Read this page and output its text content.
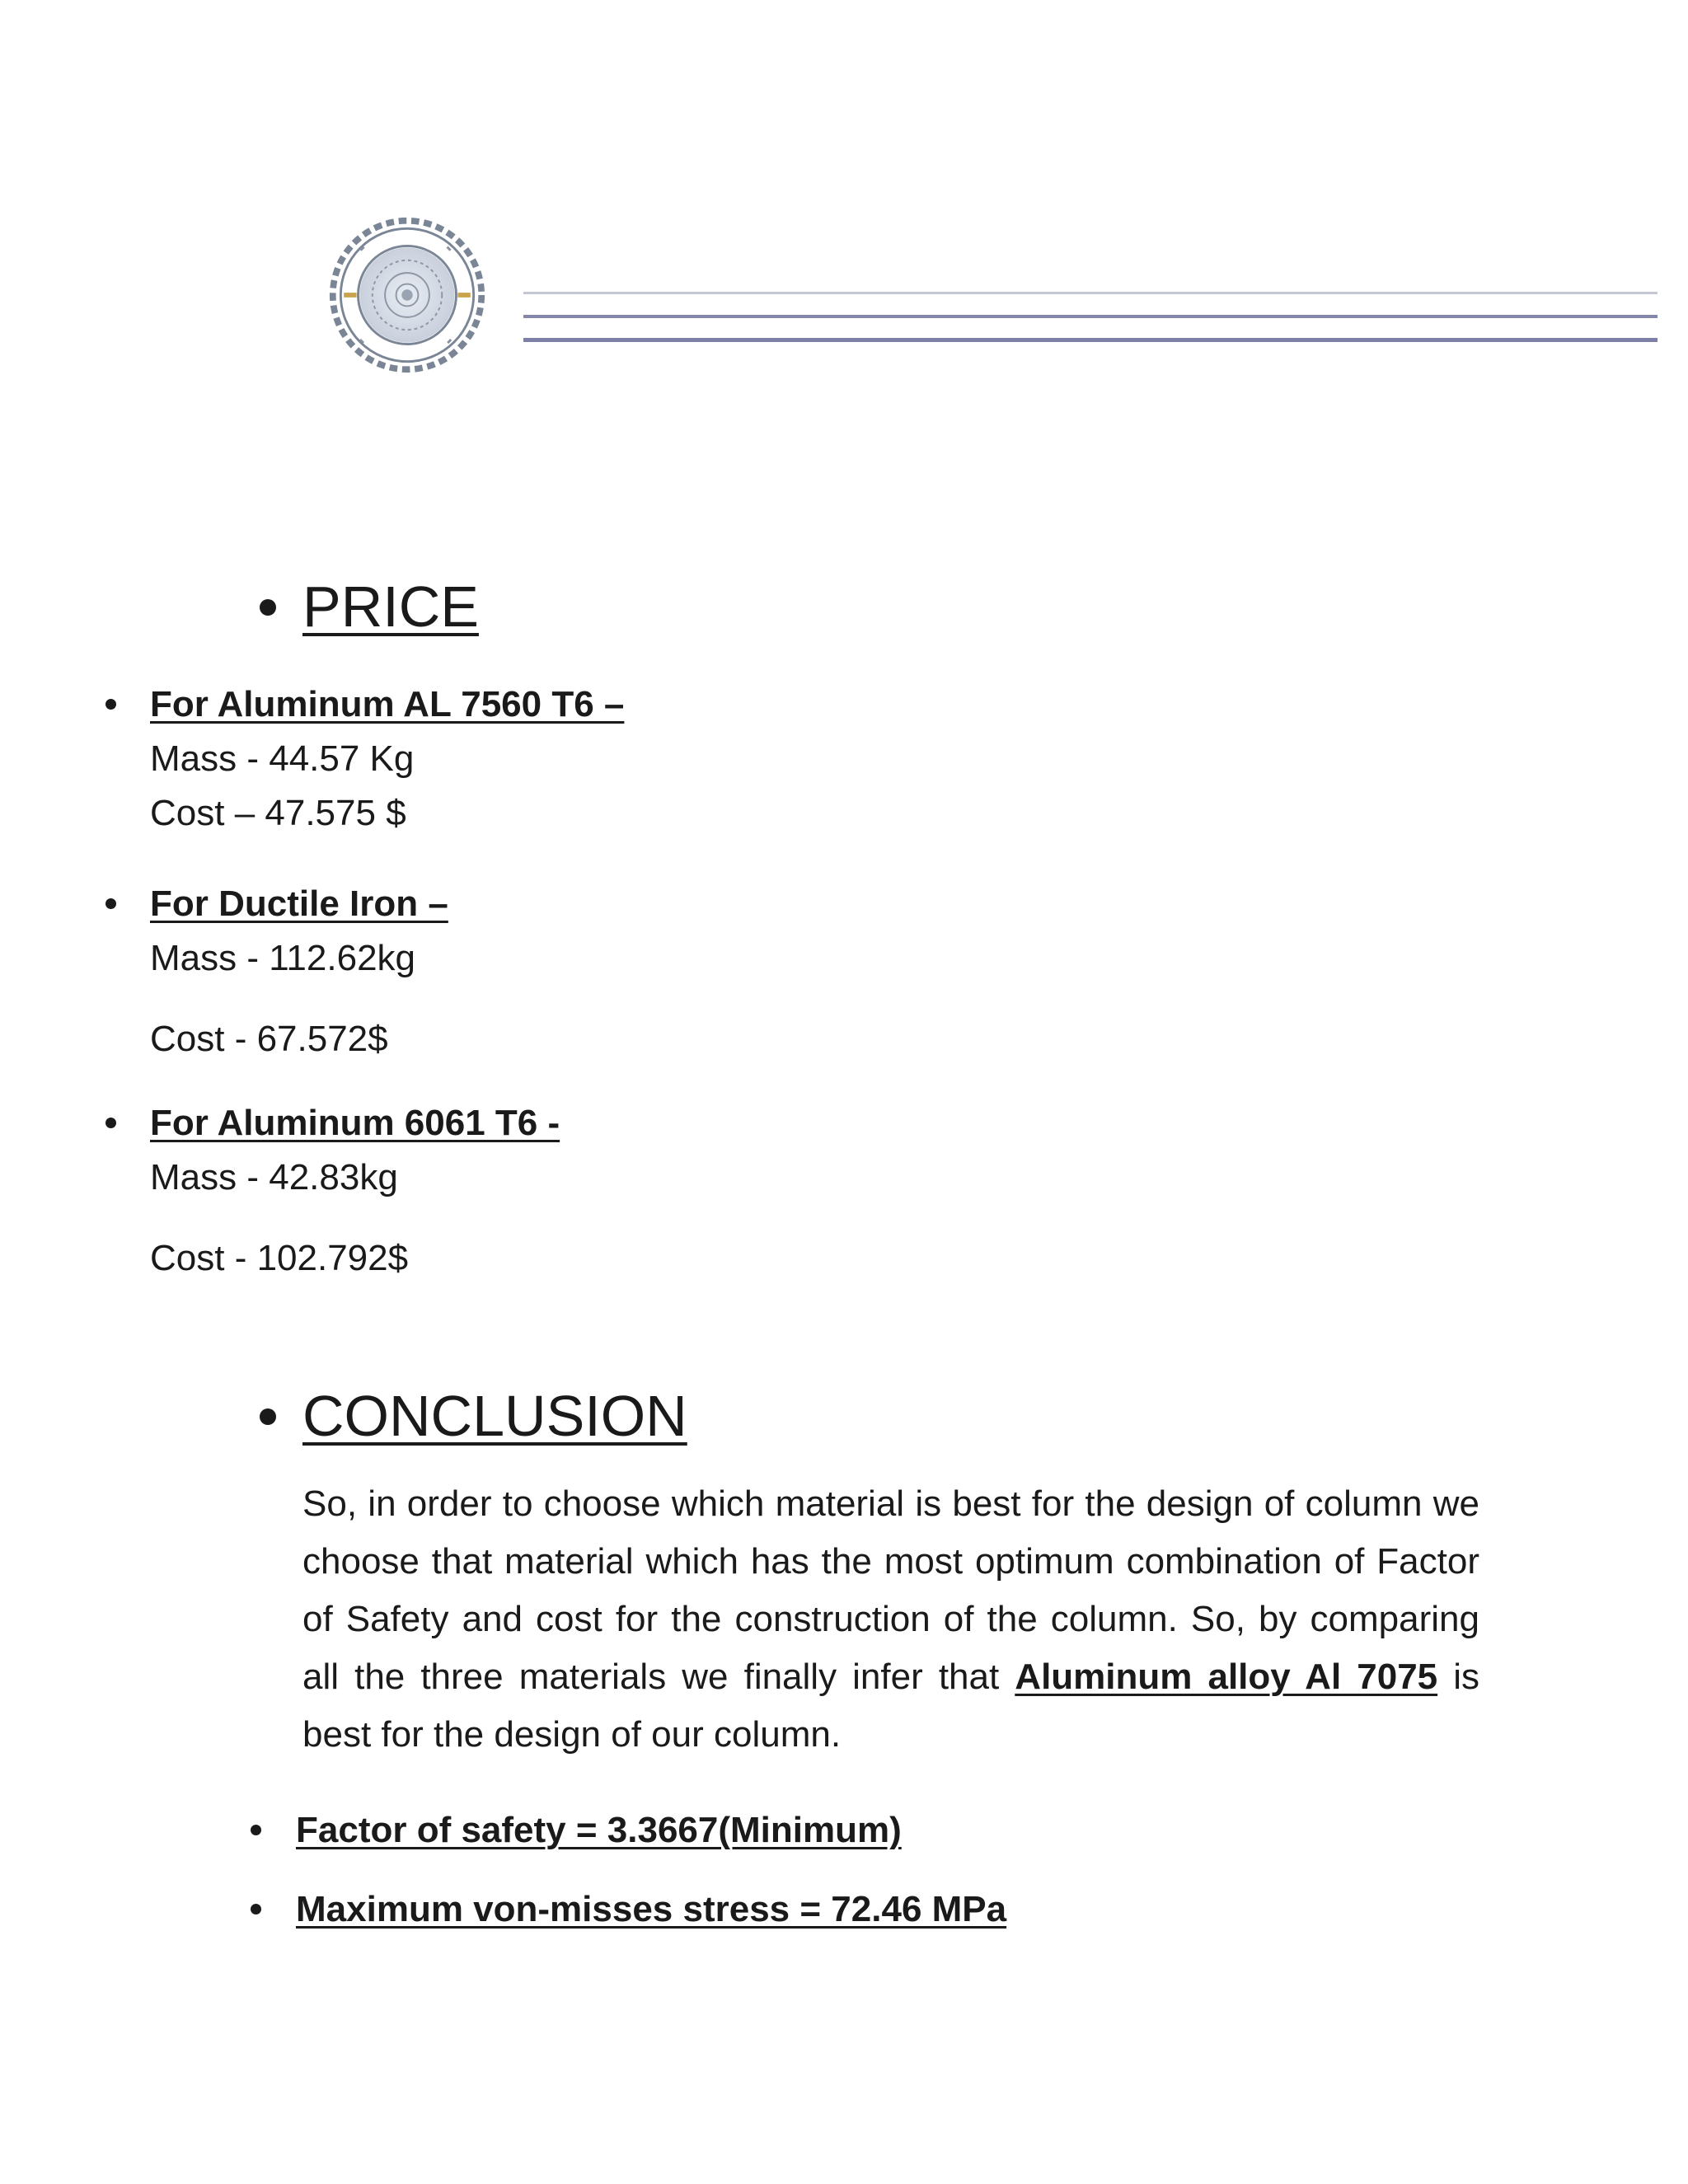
PRICE
For Aluminum AL 7560 T6 –
Mass - 44.57 Kg
Cost – 47.575 $
For Ductile Iron –
Mass - 112.62kg
Cost - 67.572$
For Aluminum 6061 T6 -
Mass - 42.83kg
Cost - 102.792$
CONCLUSION
So, in order to choose which material is best for the design of column we choose that material which has the most optimum combination of Factor of Safety and cost for the construction of the column. So, by comparing all the three materials we finally infer that Aluminum alloy Al 7075 is best for the design of our column.
Factor of safety = 3.3667(Minimum)
Maximum von-misses stress = 72.46 MPa
